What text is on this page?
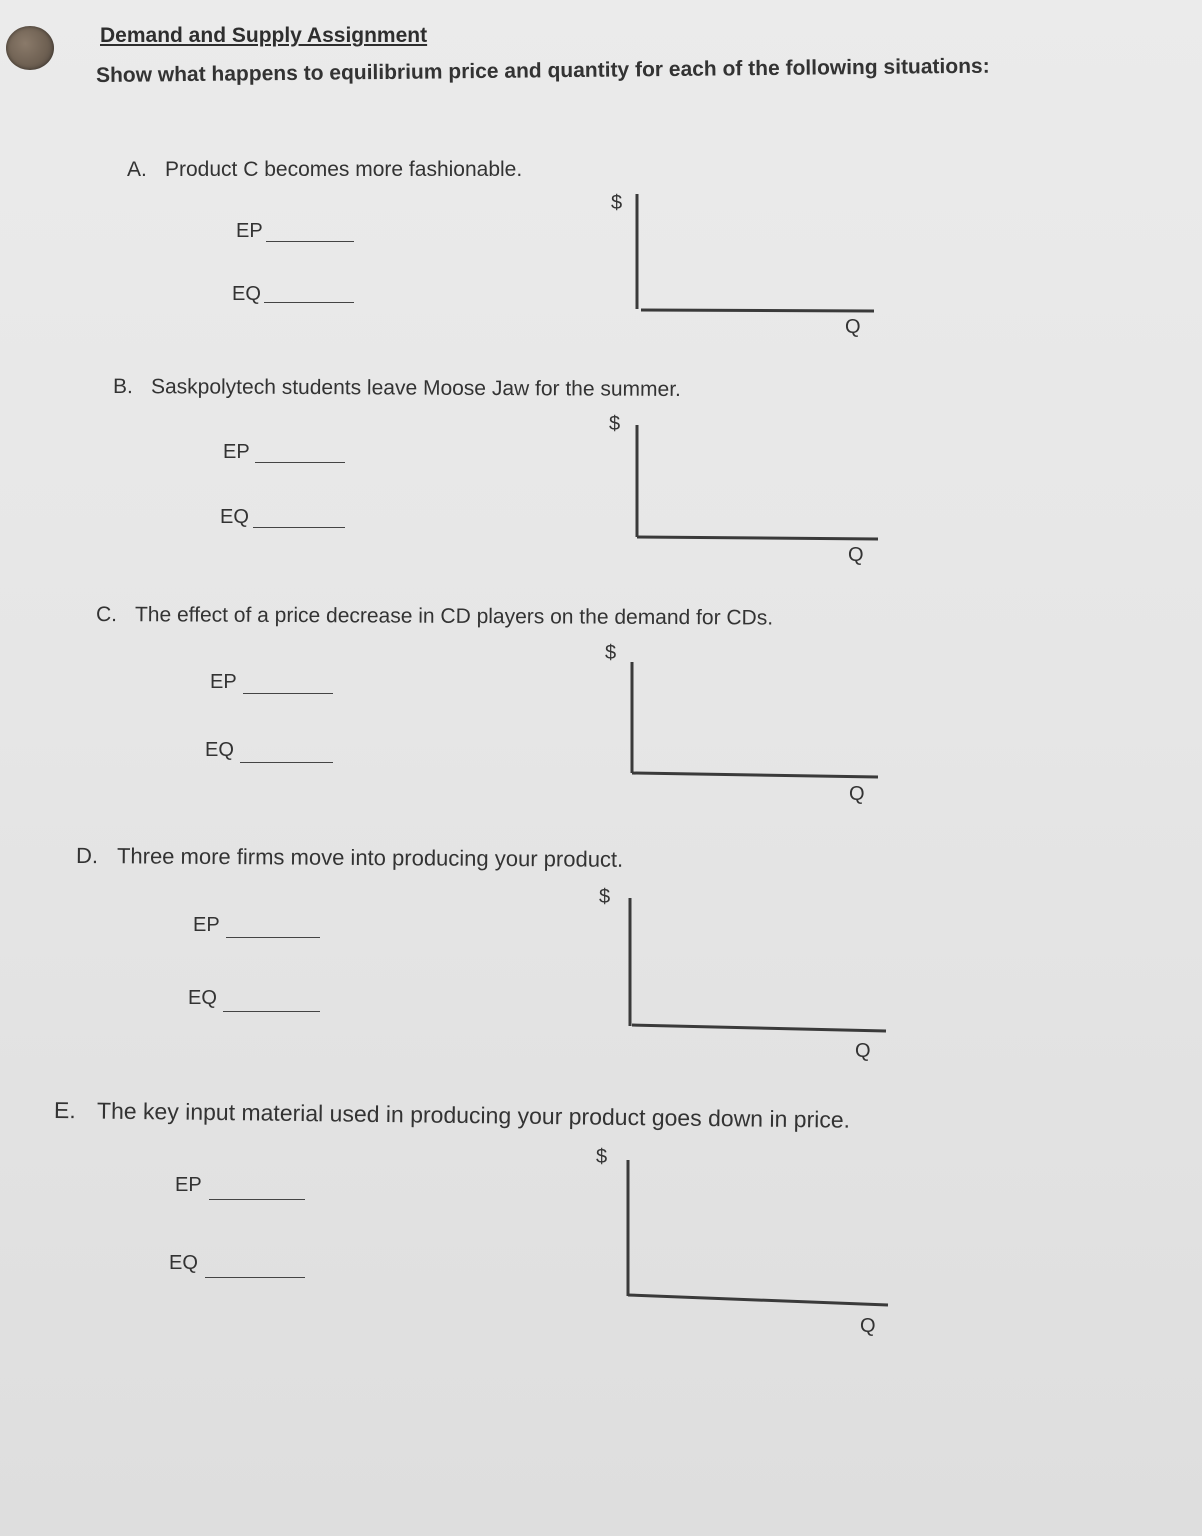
Demand and Supply Assignment
Show what happens to equilibrium price and quantity for each of the following situations:
A. Product C becomes more fashionable.
EP
EQ
$
Q
B. Saskpolytech students leave Moose Jaw for the summer.
EP
EQ
$
Q
C. The effect of a price decrease in CD players on the demand for CDs.
EP
EQ
$
Q
D. Three more firms move into producing your product.
EP
EQ
$
Q
E. The key input material used in producing your product goes down in price.
EP
EQ
$
Q
